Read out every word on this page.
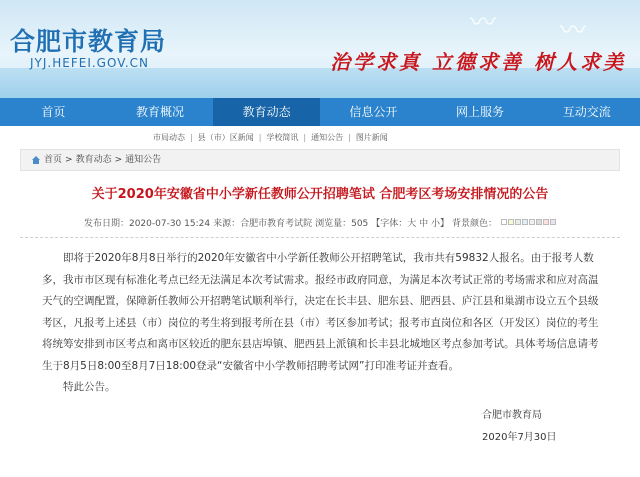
〰 〰
合肥市教育局
JYJ.HEFEI.GOV.CN	治学求真 立德求善 树人求美
首页	教育概况	教育动态	信息公开	网上服务	互动交流
市局动态 | 县（市）区新闻 | 学校简讯 | 通知公告 | 图片新闻
首页 > 教育动态 > 通知公告
关于2020年安徽省中小学新任教师公开招聘笔试 合肥考区考场安排情况的公告
发布日期：2020-07-30 15:24 来源：合肥市教育考试院 浏览量：505 【字体：大 中 小】 背景颜色：

即将于2020年8月8日举行的2020年安徽省中小学新任教师公开招聘笔试，我市共有59832人报名。由于报考人数多，我市市区现有标准化考点已经无法满足本次考试需求。报经市政府同意，为满足本次考试正常的考场需求和应对高温天气的空调配置，保障新任教师公开招聘笔试顺利举行，决定在长丰县、肥东县、肥西县、庐江县和巢湖市设立五个县级考区，凡报考上述县（市）岗位的考生将到报考所在县（市）考区参加考试；报考市直岗位和各区（开发区）岗位的考生将统筹安排到市区考点和离市区较近的肥东县店埠镇、肥西县上派镇和长丰县北城地区考点参加考试。具体考场信息请考生于8月5日8:00至8月7日18:00登录“安徽省中小学教师招聘考试网”打印准考证并查看。

特此公告。

合肥市教育局
2020年7月30日
